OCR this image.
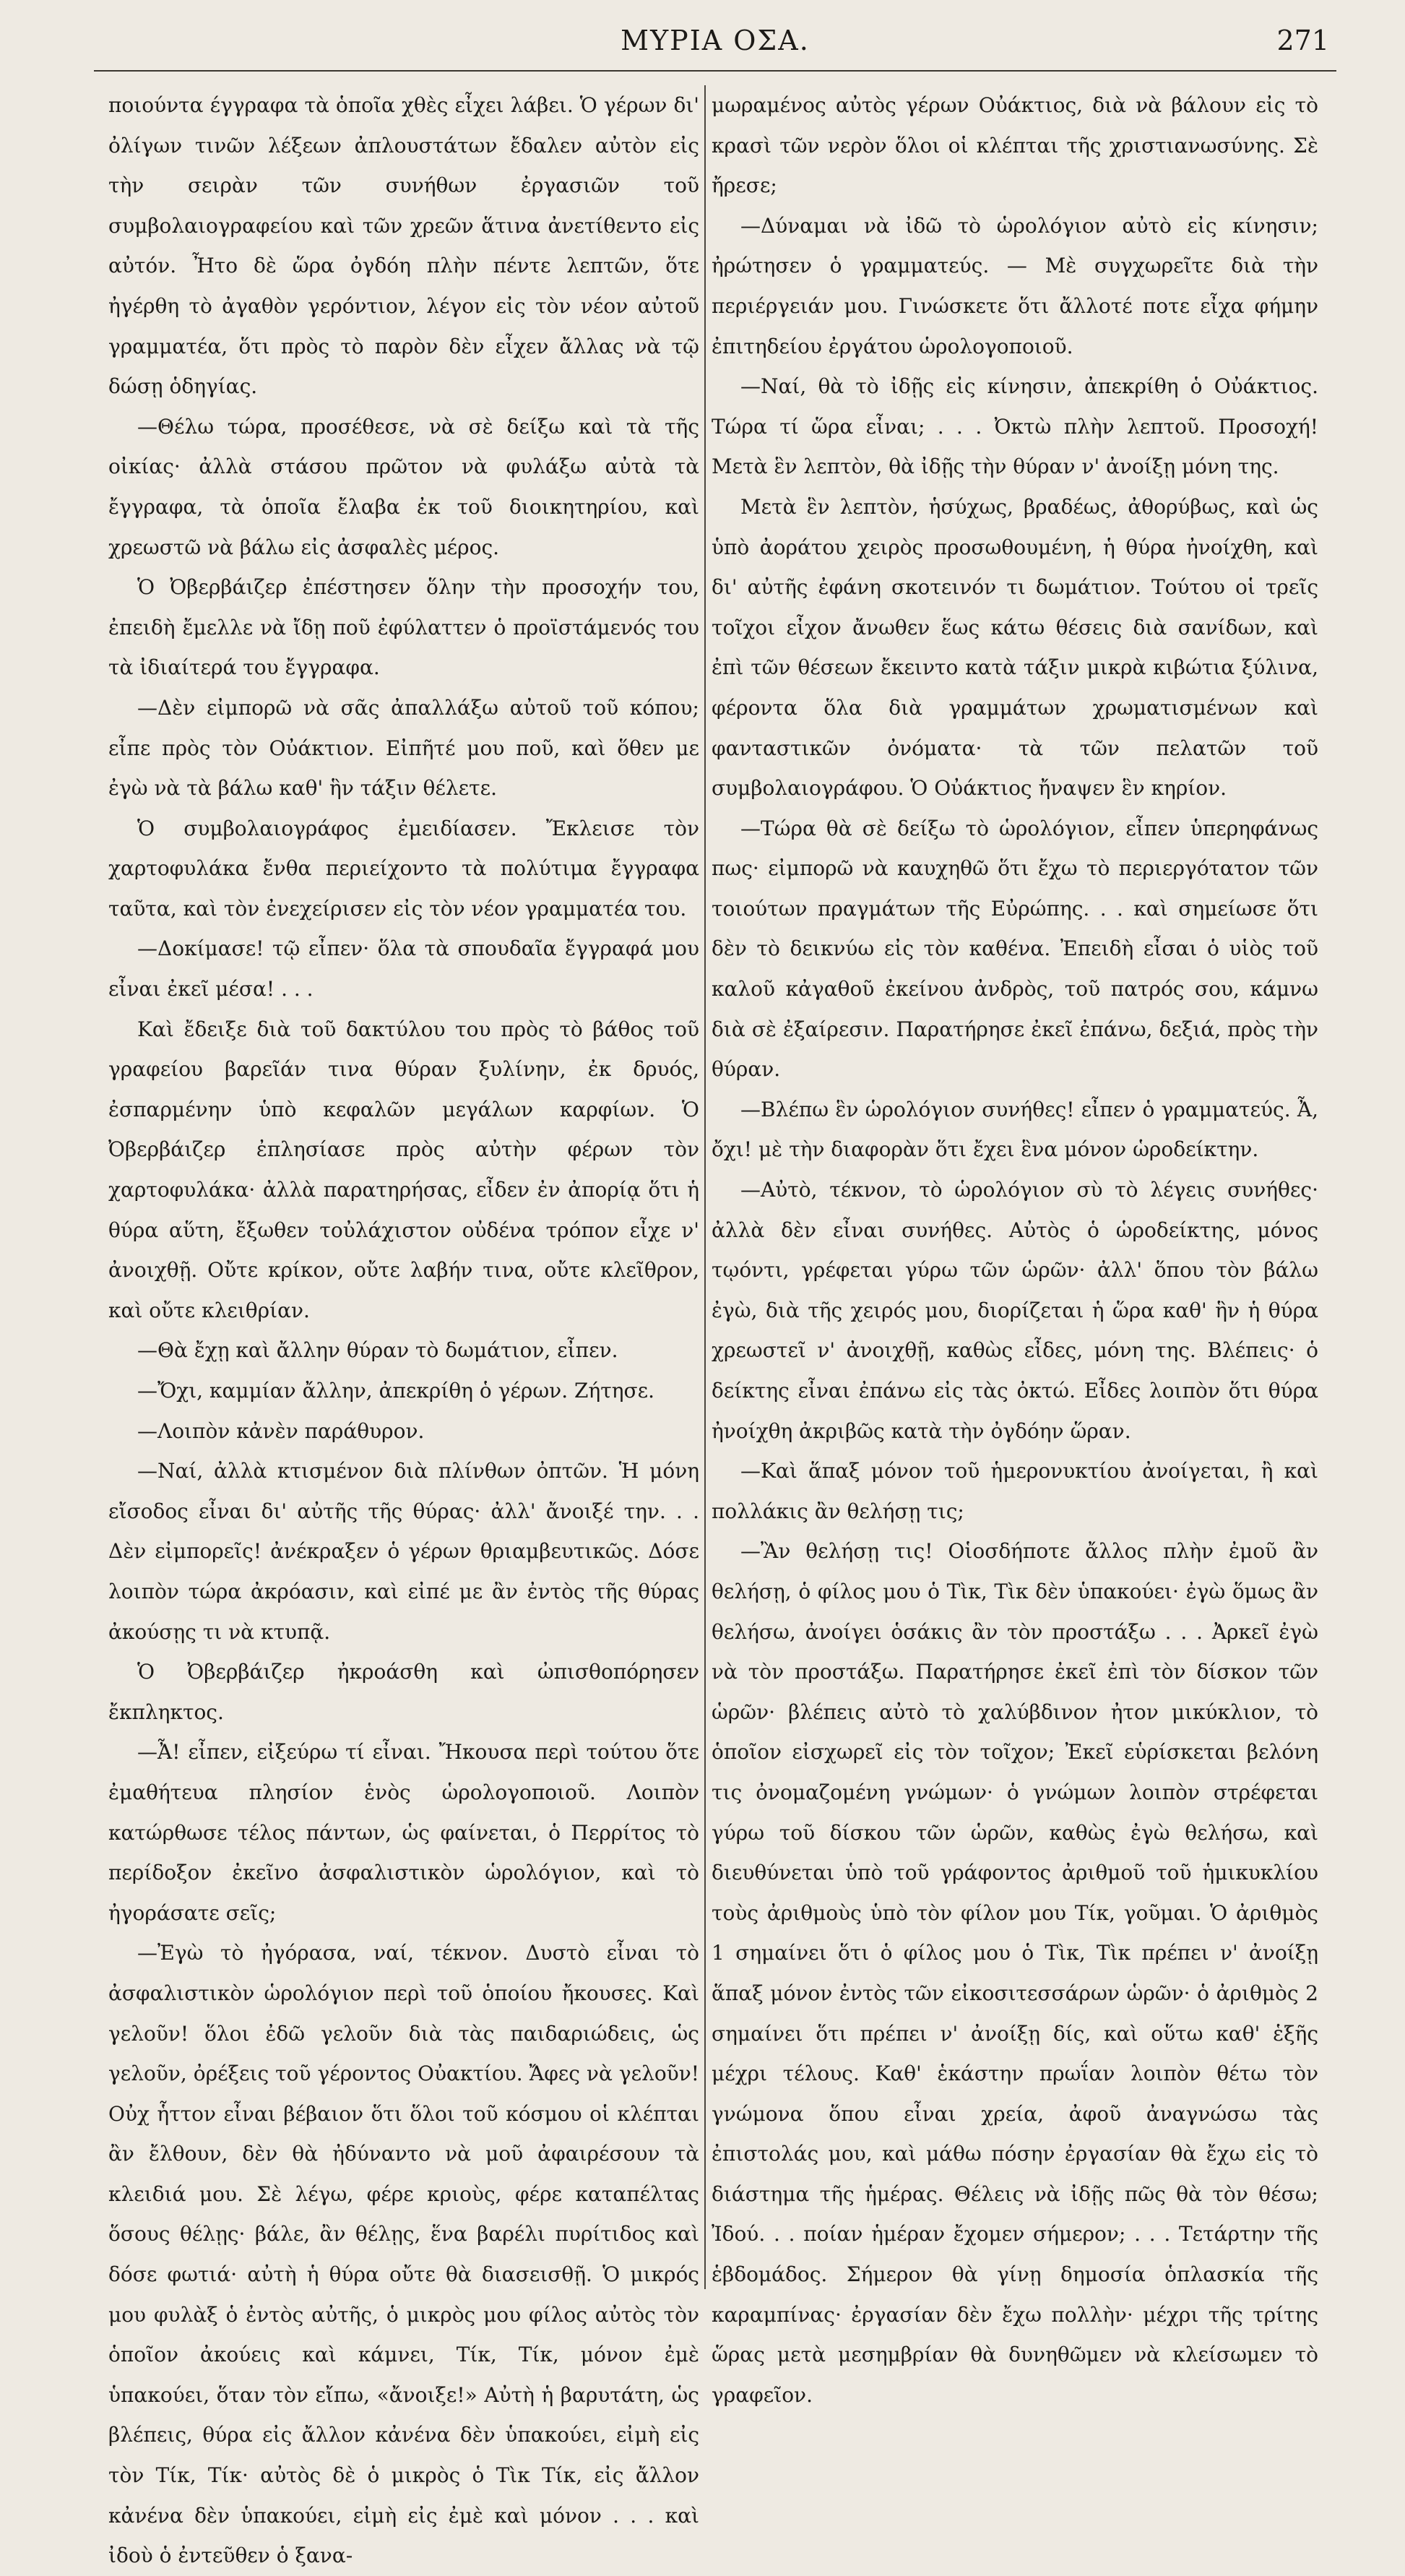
ΜΥΡΙΑ ΟΣΑ.	271

ποιούντα έγγραφα τὰ ὁποῖα χθὲς εἶχει λάβει. Ὁ γέρων δι' ὀλίγων τινῶν λέξεων ἀπλουστάτων ἔδαλεν αὐτὸν εἰς τὴν σειρὰν τῶν συνήθων ἐργασιῶν τοῦ συμβολαιογραφείου καὶ τῶν χρεῶν ἅτινα ἀνετίθεντο εἰς αὐτόν. Ἦτο δὲ ὥρα ὀγδόη πλὴν πέντε λεπτῶν, ὅτε ἠγέρθη τὸ ἀγαθὸν γερόντιον, λέγον εἰς τὸν νέον αὐτοῦ γραμματέα, ὅτι πρὸς τὸ παρὸν δὲν εἶχεν ἄλλας νὰ τῷ δώσῃ ὁδηγίας.

—Θέλω τώρα, προσέθεσε, νὰ σὲ δείξω καὶ τὰ τῆς οἰκίας· ἀλλὰ στάσου πρῶτον νὰ φυλάξω αὐτὰ τὰ ἔγγραφα, τὰ ὁποῖα ἔλαβα ἐκ τοῦ διοικητηρίου, καὶ χρεωστῶ νὰ βάλω εἰς ἀσφαλὲς μέρος.

Ὁ Ὀβερβάιζερ ἐπέστησεν ὅλην τὴν προσοχήν του, ἐπειδὴ ἔμελλε νὰ ἴδῃ ποῦ ἐφύλαττεν ὁ προϊστάμενός του τὰ ἰδιαίτερά του ἔγγραφα.

—Δὲν εἰμπορῶ νὰ σᾶς ἀπαλλάξω αὐτοῦ τοῦ κόπου; εἶπε πρὸς τὸν Οὐάκτιον. Εἰπῆτέ μου ποῦ, καὶ ὅθεν με ἐγὼ νὰ τὰ βάλω καθ' ἣν τάξιν θέλετε.

Ὁ συμβολαιογράφος ἐμειδίασεν. Ἔκλεισε τὸν χαρτοφυλάκα ἔνθα περιείχοντο τὰ πολύτιμα ἔγγραφα ταῦτα, καὶ τὸν ἐνεχείρισεν εἰς τὸν νέον γραμματέα του.

—Δοκίμασε! τῷ εἶπεν· ὅλα τὰ σπουδαῖα ἔγγραφά μου εἶναι ἐκεῖ μέσα! . . .

Καὶ ἔδειξε διὰ τοῦ δακτύλου του πρὸς τὸ βάθος τοῦ γραφείου βαρεῖάν τινα θύραν ξυλίνην, ἐκ δρυός, ἐσπαρμένην ὑπὸ κεφαλῶν μεγάλων καρφίων. Ὁ Ὀβερβάιζερ ἐπλησίασε πρὸς αὐτὴν φέρων τὸν χαρτοφυλάκα· ἀλλὰ παρατηρήσας, εἶδεν ἐν ἀπορίᾳ ὅτι ἡ θύρα αὕτη, ἔξωθεν τοὐλάχιστον οὐδένα τρόπον εἶχε ν' ἀνοιχθῇ. Οὔτε κρίκον, οὔτε λαβήν τινα, οὔτε κλεῖθρον, καὶ οὔτε κλειθρίαν.

—Θὰ ἔχῃ καὶ ἄλλην θύραν τὸ δωμάτιον, εἶπεν.

—Ὄχι, καμμίαν ἄλλην, ἀπεκρίθη ὁ γέρων. Ζήτησε.

—Λοιπὸν κἀνὲν παράθυρον.

—Ναί, ἀλλὰ κτισμένον διὰ πλίνθων ὀπτῶν. Ἡ μόνη εἴσοδος εἶναι δι' αὐτῆς τῆς θύρας· ἀλλ' ἄνοιξέ την. . . Δὲν εἰμπορεῖς! ἀνέκραξεν ὁ γέρων θριαμβευτικῶς. Δόσε λοιπὸν τώρα ἀκρόασιν, καὶ εἰπέ με ἂν ἐντὸς τῆς θύρας ἀκούσῃς τι νὰ κτυπᾷ.

Ὁ Ὀβερβάιζερ ἠκροάσθη καὶ ὠπισθοπόρησεν ἔκπληκτος.

—Ἆ! εἶπεν, εἰξεύρω τί εἶναι. Ἤκουσα περὶ τούτου ὅτε ἐμαθήτευα πλησίον ἑνὸς ὡρολογοποιοῦ. Λοιπὸν κατώρθωσε τέλος πάντων, ὡς φαίνεται, ὁ Περρίτος τὸ περίδοξον ἐκεῖνο ἀσφαλιστικὸν ὡρολόγιον, καὶ τὸ ἠγοράσατε σεῖς;

—Ἐγὼ τὸ ἠγόρασα, ναί, τέκνον. Δυστὸ εἶναι τὸ ἀσφαλιστικὸν ὡρολόγιον περὶ τοῦ ὁποίου ἤκουσες. Καὶ γελοῦν! ὅλοι ἐδῶ γελοῦν διὰ τὰς παιδαριώδεις, ὡς γελοῦν, ὀρέξεις τοῦ γέροντος Οὐακτίου. Ἄφες νὰ γελοῦν! Οὐχ ἧττον εἶναι βέβαιον ὅτι ὅλοι τοῦ κόσμου οἱ κλέπται ἂν ἔλθουν, δὲν θὰ ἠδύναντο νὰ μοῦ ἀφαιρέσουν τὰ κλειδιά μου. Σὲ λέγω, φέρε κριοὺς, φέρε καταπέλτας ὅσους θέλῃς· βάλε, ἂν θέλῃς, ἕνα βαρέλι πυρίτιδος καὶ δόσε φωτιά· αὐτὴ ἡ θύρα οὔτε θὰ διασεισθῇ. Ὁ μικρός μου φυλὰξ ὁ ἐντὸς αὐτῆς, ὁ μικρὸς μου φίλος αὐτὸς τὸν ὁποῖον ἀκούεις καὶ κάμνει, Τίκ, Τίκ, μόνον ἐμὲ ὑπακούει, ὅταν τὸν εἴπω, «ἄνοιξε!» Αὐτὴ ἡ βαρυτάτη, ὡς βλέπεις, θύρα εἰς ἄλλον κἀνένα δὲν ὑπακούει, εἰμὴ εἰς τὸν Τίκ, Τίκ· αὐτὸς δὲ ὁ μικρὸς ὁ Τὶκ Τίκ, εἰς ἄλλον κἀνένα δὲν ὑπακούει, εἰμὴ εἰς ἐμὲ καὶ μόνον . . . καὶ ἰδοὺ ὁ ἐντεῦθεν ὁ ξανα-

μωραμένος αὐτὸς γέρων Οὐάκτιος, διὰ νὰ βάλουν εἰς τὸ κρασὶ τῶν νερὸν ὅλοι οἱ κλέπται τῆς χριστιανωσύνης. Σὲ ἤρεσε;

—Δύναμαι νὰ ἰδῶ τὸ ὡρολόγιον αὐτὸ εἰς κίνησιν; ἠρώτησεν ὁ γραμματεύς. — Μὲ συγχωρεῖτε διὰ τὴν περιέργειάν μου. Γινώσκετε ὅτι ἄλλοτέ ποτε εἶχα φήμην ἐπιτηδείου ἐργάτου ὡρολογοποιοῦ.

—Ναί, θὰ τὸ ἰδῇς εἰς κίνησιν, ἀπεκρίθη ὁ Οὐάκτιος. Τώρα τί ὥρα εἶναι; . . . Ὀκτὼ πλὴν λεπτοῦ. Προσοχή! Μετὰ ἓν λεπτὸν, θὰ ἰδῇς τὴν θύραν ν' ἀνοίξῃ μόνη της.

Μετὰ ἓν λεπτὸν, ἡσύχως, βραδέως, ἀθορύβως, καὶ ὡς ὑπὸ ἀοράτου χειρὸς προσωθουμένη, ἡ θύρα ἠνοίχθη, καὶ δι' αὐτῆς ἐφάνη σκοτεινόν τι δωμάτιον. Τούτου οἱ τρεῖς τοῖχοι εἶχον ἄνωθεν ἕως κάτω θέσεις διὰ σανίδων, καὶ ἐπὶ τῶν θέσεων ἔκειντο κατὰ τάξιν μικρὰ κιβώτια ξύλινα, φέροντα ὅλα διὰ γραμμάτων χρωματισμένων καὶ φανταστικῶν ὀνόματα· τὰ τῶν πελατῶν τοῦ συμβολαιογράφου. Ὁ Οὐάκτιος ἤναψεν ἓν κηρίον.

—Τώρα θὰ σὲ δείξω τὸ ὡρολόγιον, εἶπεν ὑπερηφάνως πως· εἰμπορῶ νὰ καυχηθῶ ὅτι ἔχω τὸ περιεργότατον τῶν τοιούτων πραγμάτων τῆς Εὐρώπης. . . καὶ σημείωσε ὅτι δὲν τὸ δεικνύω εἰς τὸν καθένα. Ἐπειδὴ εἶσαι ὁ υἱὸς τοῦ καλοῦ κἀγαθοῦ ἐκείνου ἀνδρὸς, τοῦ πατρός σου, κάμνω διὰ σὲ ἐξαίρεσιν. Παρατήρησε ἐκεῖ ἐπάνω, δεξιά, πρὸς τὴν θύραν.

—Βλέπω ἓν ὡρολόγιον συνήθες! εἶπεν ὁ γραμματεύς. Ἆ, ὄχι! μὲ τὴν διαφορὰν ὅτι ἔχει ἓνα μόνον ὡροδείκτην.

—Αὐτὸ, τέκνον, τὸ ὡρολόγιον σὺ τὸ λέγεις συνήθες· ἀλλὰ δὲν εἶναι συνήθες. Αὐτὸς ὁ ὡροδείκτης, μόνος τῳόντι, γρέφεται γύρω τῶν ὡρῶν· ἀλλ' ὅπου τὸν βάλω ἐγὼ, διὰ τῆς χειρός μου, διορίζεται ἡ ὥρα καθ' ἣν ἡ θύρα χρεωστεῖ ν' ἀνοιχθῇ, καθὼς εἶδες, μόνη της. Βλέπεις· ὁ δείκτης εἶναι ἐπάνω εἰς τὰς ὀκτώ. Εἶδες λοιπὸν ὅτι θύρα ἠνοίχθη ἀκριβῶς κατὰ τὴν ὀγδόην ὥραν.

—Καὶ ἅπαξ μόνον τοῦ ἡμερονυκτίου ἀνοίγεται, ἢ καὶ πολλάκις ἂν θελήσῃ τις;

—Ἂν θελήσῃ τις! Οἱοσδήποτε ἄλλος πλὴν ἐμοῦ ἂν θελήσῃ, ὁ φίλος μου ὁ Τὶκ, Τὶκ δὲν ὑπακούει· ἐγὼ ὅμως ἂν θελήσω, ἀνοίγει ὁσάκις ἂν τὸν προστάξω . . . Ἀρκεῖ ἐγὼ νὰ τὸν προστάξω. Παρατήρησε ἐκεῖ ἐπὶ τὸν δίσκον τῶν ὡρῶν· βλέπεις αὐτὸ τὸ χαλύβδινον ἠτον μικύκλιον, τὸ ὁποῖον εἰσχωρεῖ εἰς τὸν τοῖχον; Ἐκεῖ εὑρίσκεται βελόνη τις ὀνομαζομένη γνώμων· ὁ γνώμων λοιπὸν στρέφεται γύρω τοῦ δίσκου τῶν ὡρῶν, καθὼς ἐγὼ θελήσω, καὶ διευθύνεται ὑπὸ τοῦ γράφοντος ἀριθμοῦ τοῦ ἡμικυκλίου τοὺς ἀριθμοὺς ὑπὸ τὸν φίλον μου Τίκ, γοῦμαι. Ὁ ἀριθμὸς 1 σημαίνει ὅτι ὁ φίλος μου ὁ Τὶκ, Τὶκ πρέπει ν' ἀνοίξῃ ἅπαξ μόνον ἐντὸς τῶν εἰκοσιτεσσάρων ὡρῶν· ὁ ἀριθμὸς 2 σημαίνει ὅτι πρέπει ν' ἀνοίξῃ δίς, καὶ οὕτω καθ' ἑξῆς μέχρι τέλους. Καθ' ἑκάστην πρωΐαν λοιπὸν θέτω τὸν γνώμονα ὅπου εἶναι χρεία, ἀφοῦ ἀναγνώσω τὰς ἐπιστολάς μου, καὶ μάθω πόσην ἐργασίαν θὰ ἔχω εἰς τὸ διάστημα τῆς ἡμέρας. Θέλεις νὰ ἰδῇς πῶς θὰ τὸν θέσω; Ἰδού. . . ποίαν ἡμέραν ἔχομεν σήμερον; . . . Τετάρτην τῆς ἑβδομάδος. Σήμερον θὰ γίνῃ δημοσία ὁπλασκία τῆς καραμπίνας· ἐργασίαν δὲν ἔχω πολλὴν· μέχρι τῆς τρίτης ὥρας μετὰ μεσημβρίαν θὰ δυνηθῶμεν νὰ κλείσωμεν τὸ γραφεῖον.
